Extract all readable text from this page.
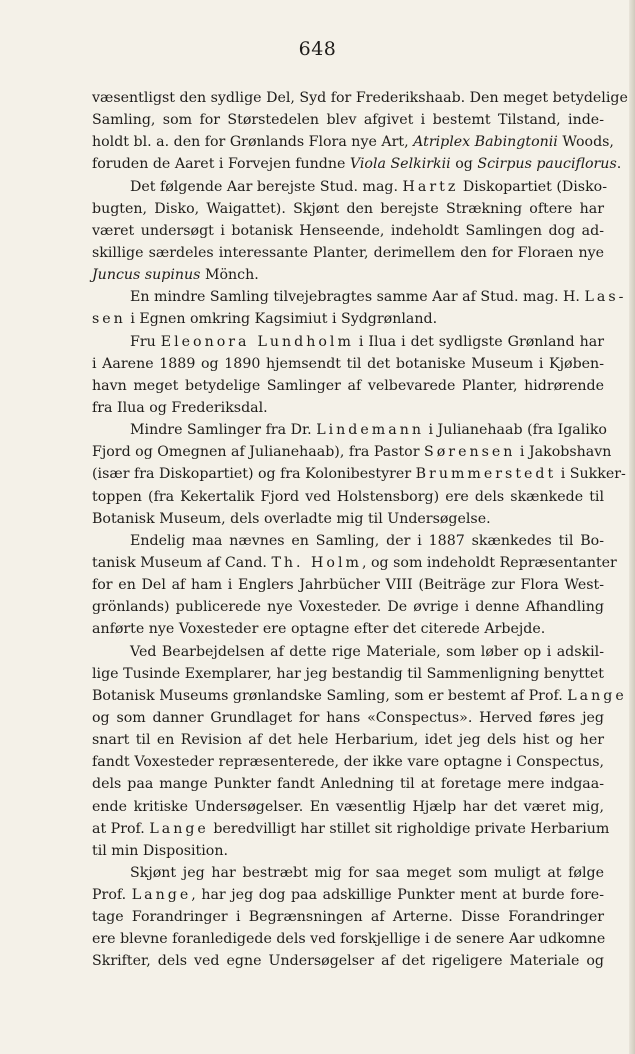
648
væsentligst den sydlige Del, Syd for Frederikshaab. Den meget betydelige
Samling, som for Størstedelen blev afgivet i bestemt Tilstand, inde-
holdt bl. a. den for Grønlands Flora nye Art, Atriplex Babingtonii Woods,
foruden de Aaret i Forvejen fundne Viola Selkirkii og Scirpus pauciflorus.
Det følgende Aar berejste Stud. mag. Hartz Diskopartiet (Disko-
bugten, Disko, Waigattet). Skjønt den berejste Strækning oftere har
været undersøgt i botanisk Henseende, indeholdt Samlingen dog ad-
skillige særdeles interessante Planter, derimellem den for Floraen nye
Juncus supinus Mönch.
En mindre Samling tilvejebragtes samme Aar af Stud. mag. H. Las-
sen i Egnen omkring Kagsimiut i Sydgrønland.
Fru Eleonora Lundholm i Ilua i det sydligste Grønland har
i Aarene 1889 og 1890 hjemsendt til det botaniske Museum i Kjøben-
havn meget betydelige Samlinger af velbevarede Planter, hidrørende
fra Ilua og Frederiksdal.
Mindre Samlinger fra Dr. Lindemann i Julianehaab (fra Igaliko
Fjord og Omegnen af Julianehaab), fra Pastor Sørensen i Jakobshavn
(især fra Diskopartiet) og fra Kolonibestyrer Brummerstedt i Sukker-
toppen (fra Kekertalik Fjord ved Holstensborg) ere dels skænkede til
Botanisk Museum, dels overladte mig til Undersøgelse.
Endelig maa nævnes en Samling, der i 1887 skænkedes til Bo-
tanisk Museum af Cand. Th. Holm, og som indeholdt Repræsentanter
for en Del af ham i Englers Jahrbücher VIII (Beiträge zur Flora West-
grönlands) publicerede nye Voxesteder. De øvrige i denne Afhandling
anførte nye Voxesteder ere optagne efter det citerede Arbejde.
Ved Bearbejdelsen af dette rige Materiale, som løber op i adskil-
lige Tusinde Exemplarer, har jeg bestandig til Sammenligning benyttet
Botanisk Museums grønlandske Samling, som er bestemt af Prof. Lange
og som danner Grundlaget for hans «Conspectus». Herved føres jeg
snart til en Revision af det hele Herbarium, idet jeg dels hist og her
fandt Voxesteder repræsenterede, der ikke vare optagne i Conspectus,
dels paa mange Punkter fandt Anledning til at foretage mere indgaa-
ende kritiske Undersøgelser. En væsentlig Hjælp har det været mig,
at Prof. Lange beredvilligt har stillet sit righoldige private Herbarium
til min Disposition.
Skjønt jeg har bestræbt mig for saa meget som muligt at følge
Prof. Lange, har jeg dog paa adskillige Punkter ment at burde fore-
tage Forandringer i Begrænsningen af Arterne. Disse Forandringer
ere blevne foranledigede dels ved forskjellige i de senere Aar udkomne
Skrifter, dels ved egne Undersøgelser af det rigeligere Materiale og
